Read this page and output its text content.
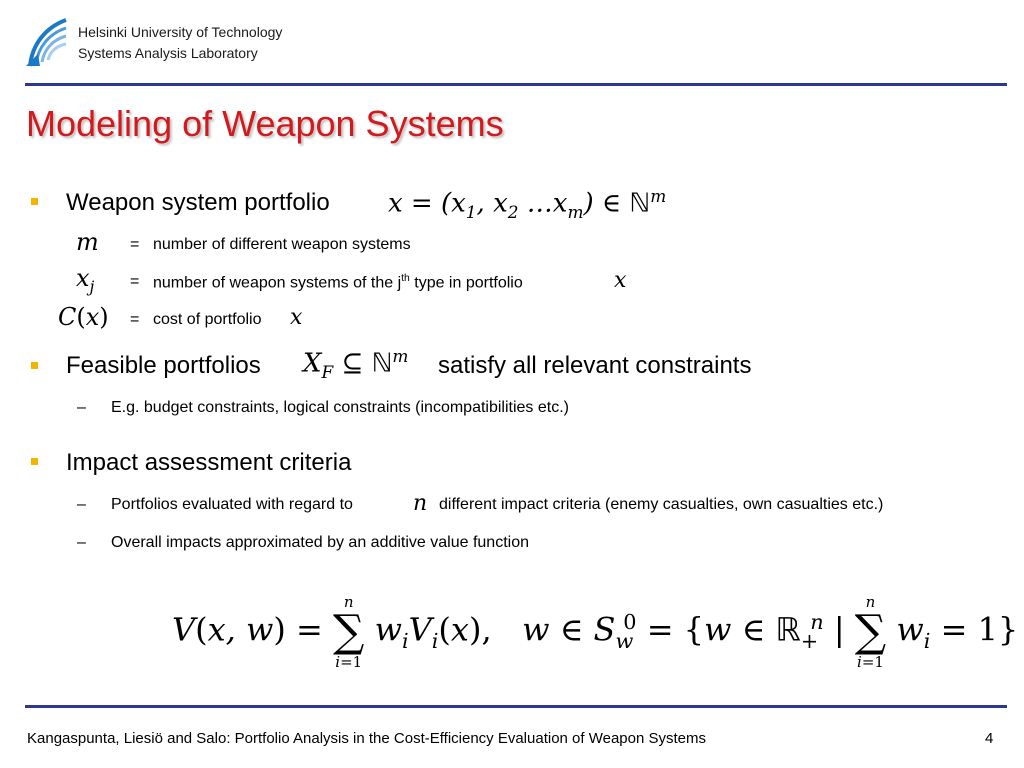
Helsinki University of Technology
Systems Analysis Laboratory
Modeling of Weapon Systems
Weapon system portfolio $x = (x_1$, $x_2$ $\dots x_m$) ∈ ℕ$^m$
m = number of different weapon systems
$x_j$ = number of weapon systems of the $j^{th}$ type in portfolio	x
C(x) = cost of portfolio x
Feasible portfolios $X_F$ ⊆ ℕ$^m$ satisfy all relevant constraints
– E.g. budget constraints, logical constraints (incompatibilities etc.)
Impact assessment criteria
– Portfolios evaluated with regard to	n different impact criteria (enemy casualties, own casualties etc.)
– Overall impacts approximated by an additive value function
V(x, w) =
n
∑
i=1
$w_iV_i(x)$,   w ∈ $S_w^0 = \{w$ ∈ ℝ$_+^n$ |
n
∑
i=1
$w_i = 1$}
Kangaspunta, Liesiö and Salo: Portfolio Analysis in the Cost-Efficiency Evaluation of Weapon Systems	4
